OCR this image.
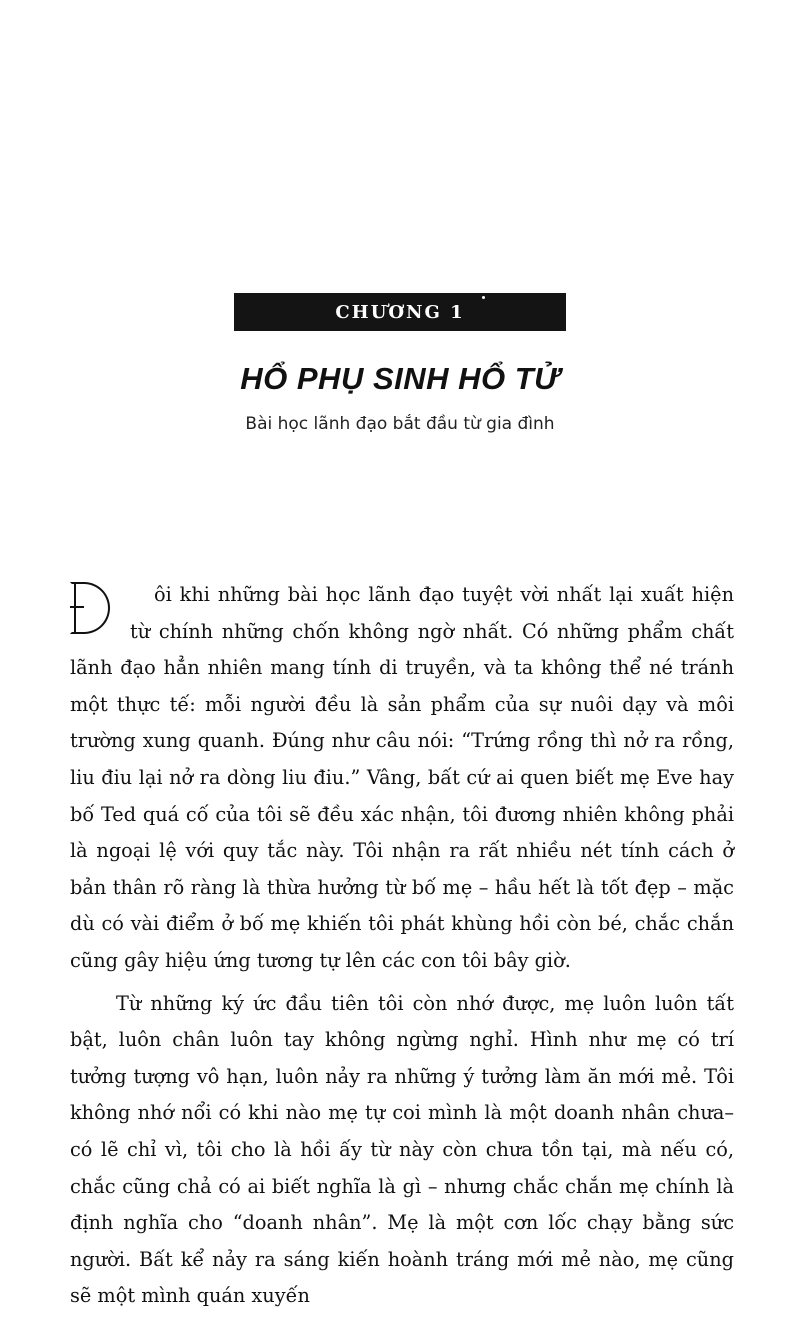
CHƯƠNG 1
HỔ PHỤ SINH HỔ TỬ
Bài học lãnh đạo bắt đầu từ gia đình

ôi khi những bài học lãnh đạo tuyệt vời nhất lại xuất hiện từ chính những chốn không ngờ nhất. Có những phẩm chất lãnh đạo hẳn nhiên mang tính di truyền, và ta không thể né tránh một thực tế: mỗi người đều là sản phẩm của sự nuôi dạy và môi trường xung quanh. Đúng như câu nói: “Trứng rồng thì nở ra rồng, liu điu lại nở ra dòng liu điu.” Vâng, bất cứ ai quen biết mẹ Eve hay bố Ted quá cố của tôi sẽ đều xác nhận, tôi đương nhiên không phải là ngoại lệ với quy tắc này. Tôi nhận ra rất nhiều nét tính cách ở bản thân rõ ràng là thừa hưởng từ bố mẹ – hầu hết là tốt đẹp – mặc dù có vài điểm ở bố mẹ khiến tôi phát khùng hồi còn bé, chắc chắn cũng gây hiệu ứng tương tự lên các con tôi bây giờ.

Từ những ký ức đầu tiên tôi còn nhớ được, mẹ luôn luôn tất bật, luôn chân luôn tay không ngừng nghỉ. Hình như mẹ có trí tưởng tượng vô hạn, luôn nảy ra những ý tưởng làm ăn mới mẻ. Tôi không nhớ nổi có khi nào mẹ tự coi mình là một doanh nhân chưa– có lẽ chỉ vì, tôi cho là hồi ấy từ này còn chưa tồn tại, mà nếu có, chắc cũng chả có ai biết nghĩa là gì – nhưng chắc chắn mẹ chính là định nghĩa cho “doanh nhân”. Mẹ là một cơn lốc chạy bằng sức người. Bất kể nảy ra sáng kiến hoành tráng mới mẻ nào, mẹ cũng sẽ một mình quán xuyến
